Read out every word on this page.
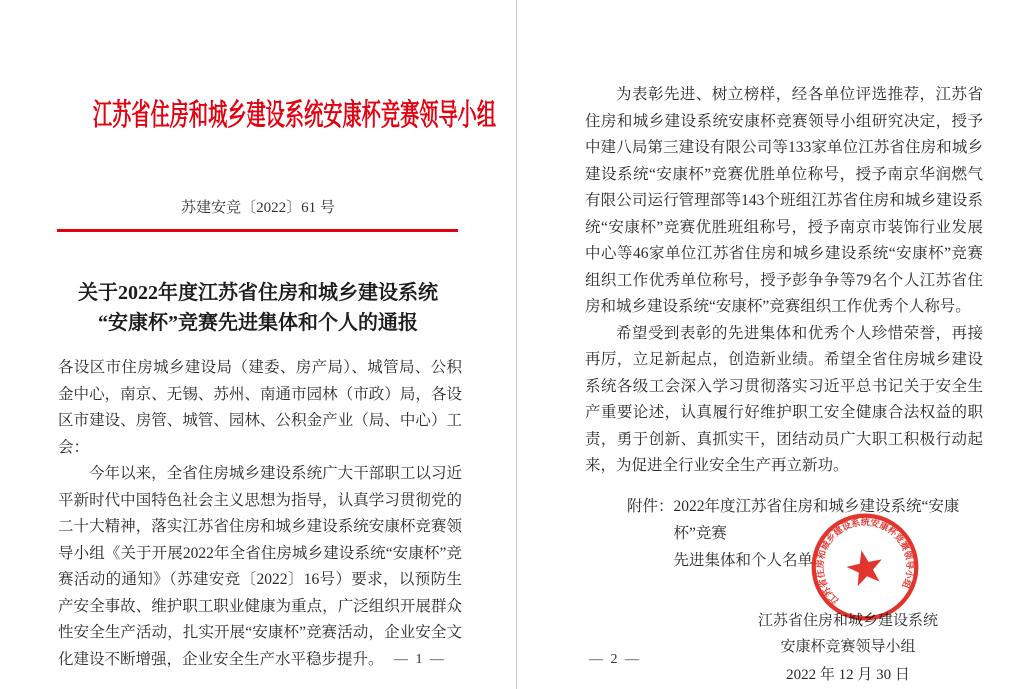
江苏省住房和城乡建设系统安康杯竞赛领导小组
苏建安竞〔2022〕61 号
关于2022年度江苏省住房和城乡建设系统
“安康杯”竞赛先进集体和个人的通报
各设区市住房城乡建设局（建委、房产局）、城管局、公积金中心，南京、无锡、苏州、南通市园林（市政）局，各设区市建设、房管、城管、园林、公积金产业（局、中心）工会：
今年以来，全省住房城乡建设系统广大干部职工以习近平新时代中国特色社会主义思想为指导，认真学习贯彻党的二十大精神，落实江苏省住房和城乡建设系统安康杯竞赛领导小组《关于开展2022年全省住房城乡建设系统“安康杯”竞赛活动的通知》（苏建安竞〔2022〕16号）要求，以预防生产安全事故、维护职工职业健康为重点，广泛组织开展群众性安全生产活动，扎实开展“安康杯”竞赛活动，企业安全文化建设不断增强，企业安全生产水平稳步提升。 — 1 —
为表彰先进、树立榜样，经各单位评选推荐，江苏省住房和城乡建设系统安康杯竞赛领导小组研究决定，授予中建八局第三建设有限公司等133家单位江苏省住房和城乡建设系统“安康杯”竞赛优胜单位称号，授予南京华润燃气有限公司运行管理部等143个班组江苏省住房和城乡建设系统“安康杯”竞赛优胜班组称号，授予南京市装饰行业发展中心等46家单位江苏省住房和城乡建设系统“安康杯”竞赛组织工作优秀单位称号，授予彭争争等79名个人江苏省住房和城乡建设系统“安康杯”竞赛组织工作优秀个人称号。
希望受到表彰的先进集体和优秀个人珍惜荣誉，再接再厉，立足新起点，创造新业绩。希望全省住房城乡建设系统各级工会深入学习贯彻落实习近平总书记关于安全生产重要论述，认真履行好维护职工安全健康合法权益的职责，勇于创新、真抓实干，团结动员广大职工积极行动起来，为促进全行业安全生产再立新功。
附件： 2022年度江苏省住房和城乡建设系统“安康杯”竞赛
先进集体和个人名单
江苏省住房和城乡建设系统
安康杯竞赛领导小组
2022 年 12 月 30 日
江苏省住房和城乡建设系统安康杯竞赛领导小组
— 2 —
